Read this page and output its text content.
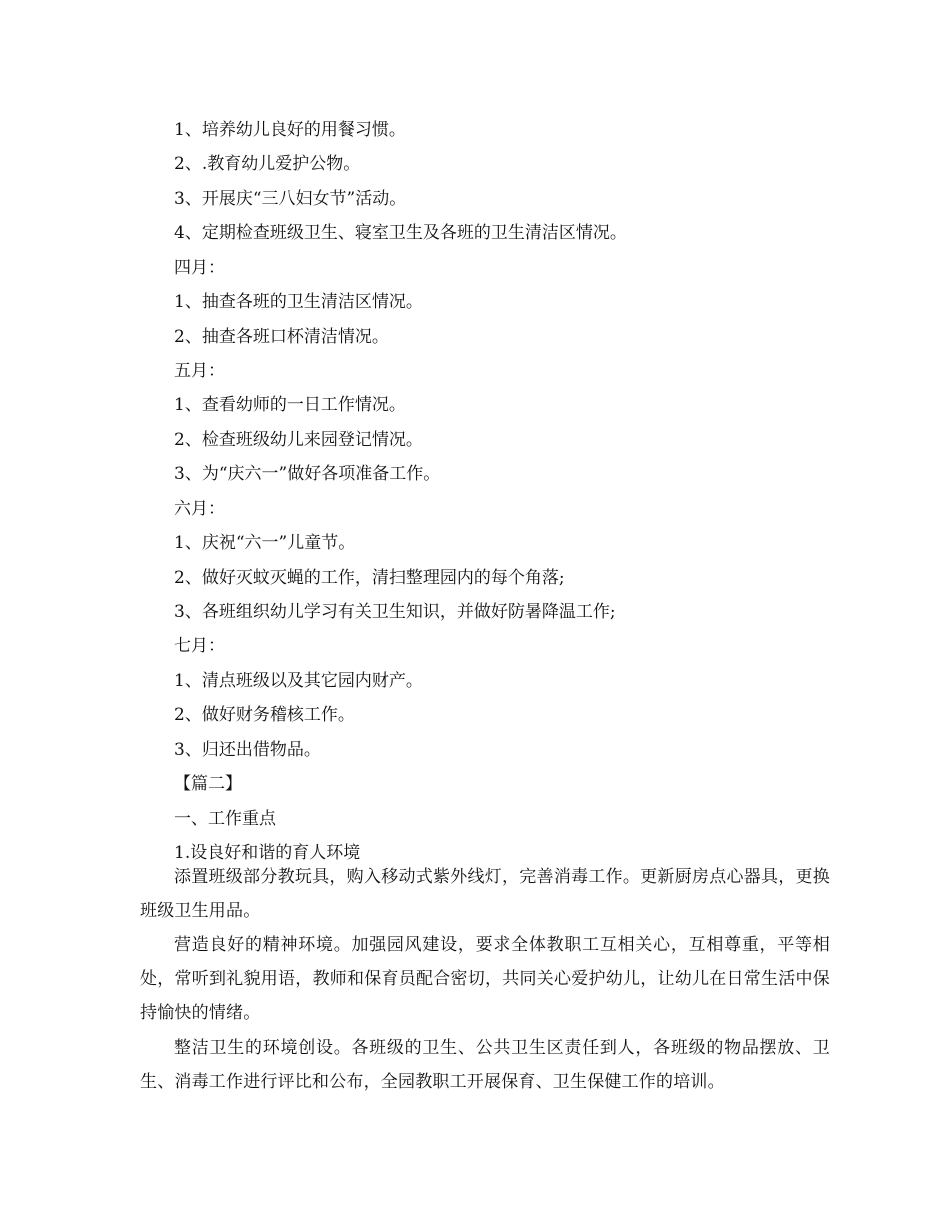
1、培养幼儿良好的用餐习惯。
2、.教育幼儿爱护公物。
3、开展庆“三八妇女节”活动。
4、定期检查班级卫生、寝室卫生及各班的卫生清洁区情况。
四月：
1、抽查各班的卫生清洁区情况。
2、抽查各班口杯清洁情况。
五月：
1、查看幼师的一日工作情况。
2、检查班级幼儿来园登记情况。
3、为“庆六一”做好各项准备工作。
六月：
1、庆祝“六一”儿童节。
2、做好灭蚊灭蝇的工作，清扫整理园内的每个角落;
3、各班组织幼儿学习有关卫生知识，并做好防暑降温工作;
七月：
1、清点班级以及其它园内财产。
2、做好财务稽核工作。
3、归还出借物品。
【篇二】
一、工作重点
1.设良好和谐的育人环境
添置班级部分教玩具，购入移动式紫外线灯，完善消毒工作。更新厨房点心器具，更换班级卫生用品。
营造良好的精神环境。加强园风建设，要求全体教职工互相关心，互相尊重，平等相处，常听到礼貌用语，教师和保育员配合密切，共同关心爱护幼儿，让幼儿在日常生活中保持愉快的情绪。
整洁卫生的环境创设。各班级的卫生、公共卫生区责任到人，各班级的物品摆放、卫生、消毒工作进行评比和公布，全园教职工开展保育、卫生保健工作的培训。
